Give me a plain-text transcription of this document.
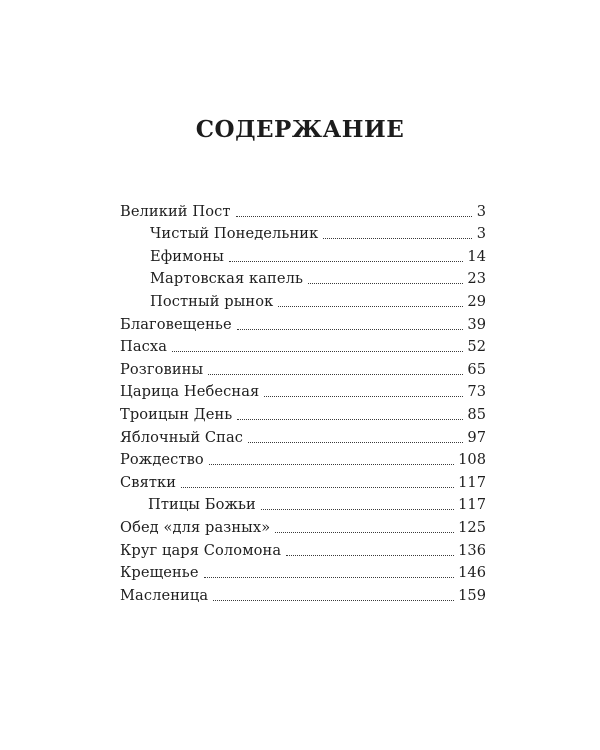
СОДЕРЖАНИЕ
Великий Пост	3
Чистый Понедельник	3
Ефимоны	14
Мартовская капель	23
Постный рынок	29
Благовещенье	39
Пасха	52
Розговины	65
Царица Небесная	73
Троицын День	85
Яблочный Спас	97
Рождество	108
Святки	117
Птицы Божьи	117
Обед «для разных»	125
Круг царя Соломона	136
Крещенье	146
Масленица	159
